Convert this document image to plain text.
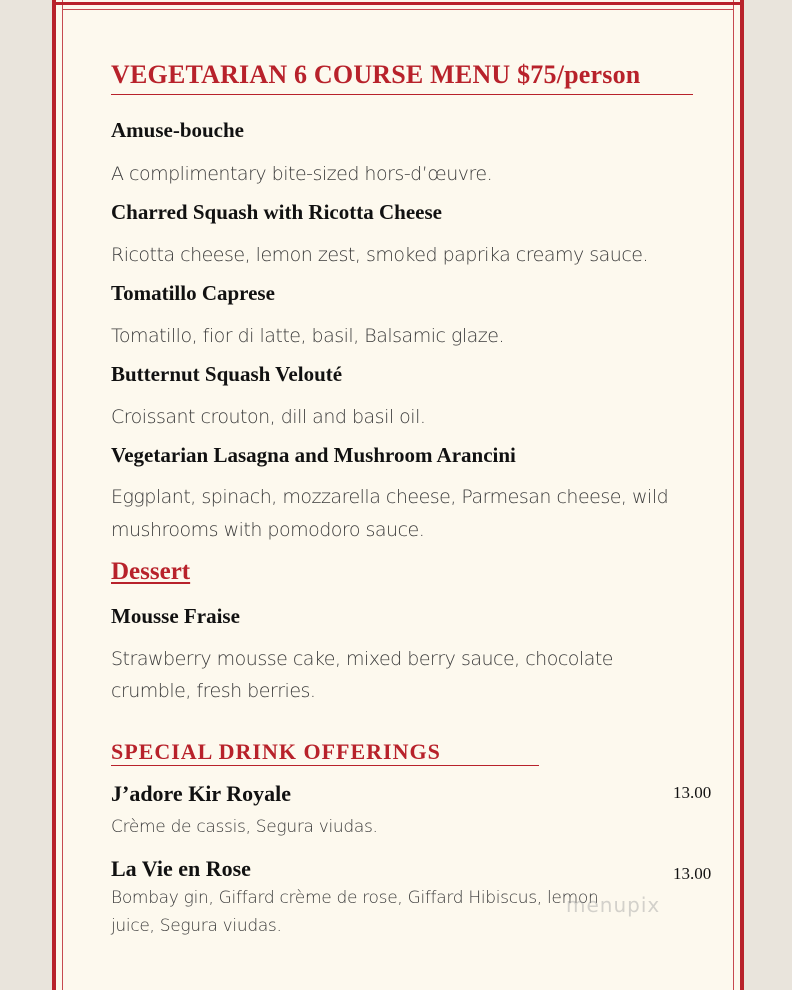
VEGETARIAN 6 COURSE MENU $75/person
Amuse-bouche
A complimentary bite-sized hors-d’œuvre.
Charred Squash with Ricotta Cheese
Ricotta cheese, lemon zest, smoked paprika creamy sauce.
Tomatillo Caprese
Tomatillo, fior di latte, basil, Balsamic glaze.
Butternut Squash Velouté
Croissant crouton, dill and basil oil.
Vegetarian Lasagna and Mushroom Arancini
Eggplant, spinach, mozzarella cheese, Parmesan cheese, wild
mushrooms with pomodoro sauce.
Dessert
Mousse Fraise
Strawberry mousse cake, mixed berry sauce, chocolate
crumble, fresh berries.
SPECIAL DRINK OFFERINGS
J’adore Kir Royale	13.00
Crème de cassis, Segura viudas.
La Vie en Rose	13.00
Bombay gin, Giffard crème de rose, Giffard Hibiscus, lemon
juice, Segura viudas.
menupix
